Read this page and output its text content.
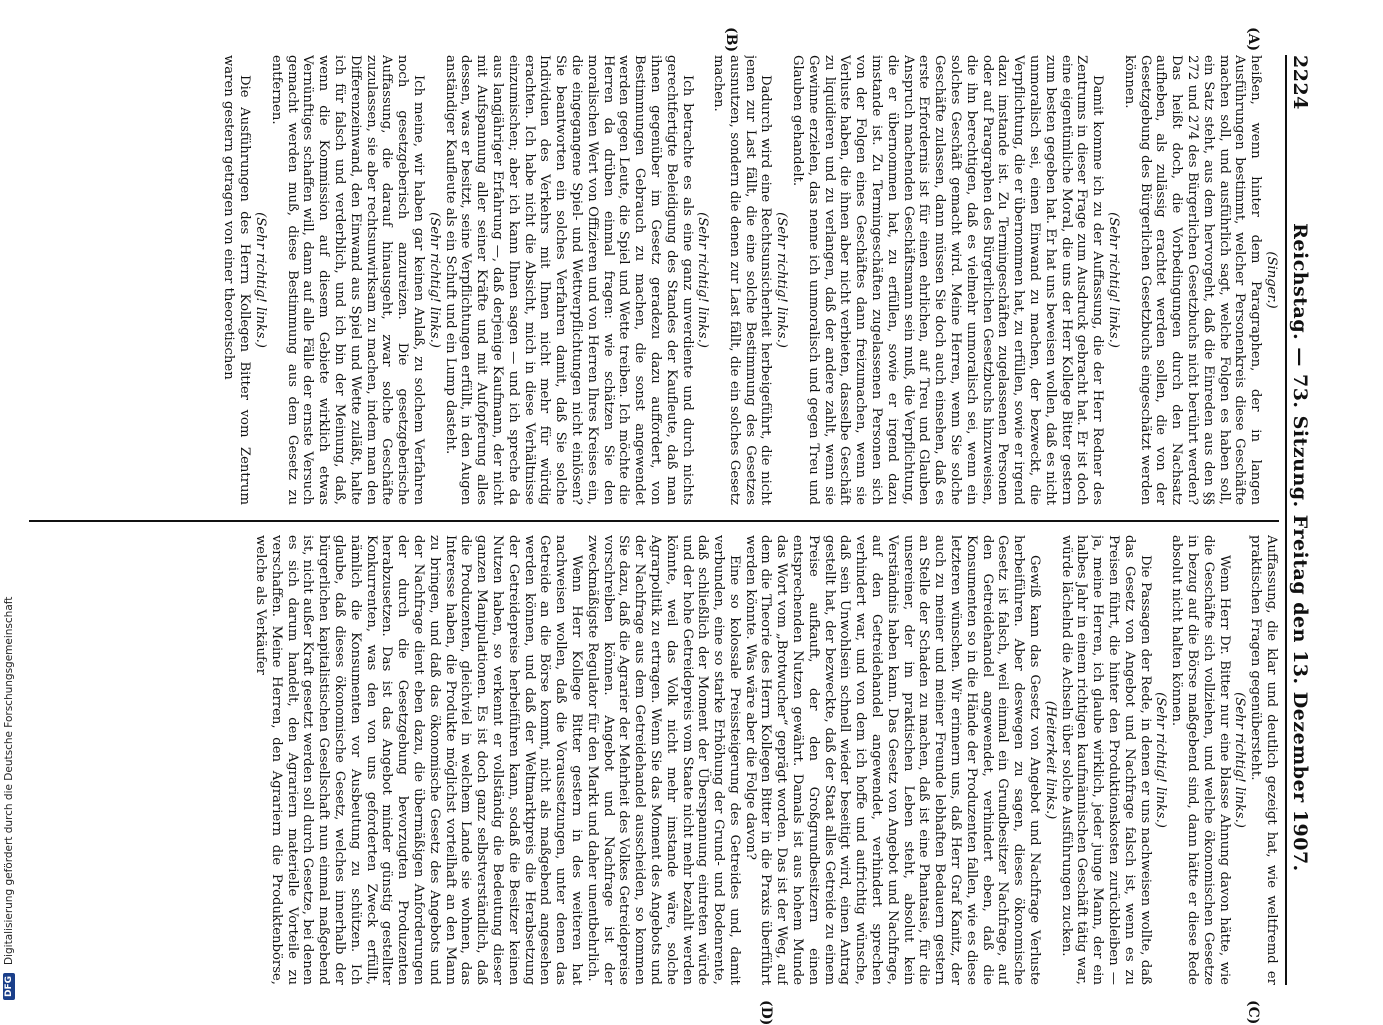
2224
Reichstag. — 73. Sitzung. Freitag den 13. Dezember 1907.
(A)
(B)
(C)
(D)

(Singer.)

heißen, wenn hinter dem Paragraphen, der in langen Ausführungen bestimmt, welcher Personenkreis diese Geschäfte machen soll, und ausführlich sagt, welche Folgen es haben soll, ein Satz steht, aus dem hervorgeht, daß die Einreden aus den §§ 272 und 274 des Bürgerlichen Gesetzbuchs nicht berührt werden? Das heißt doch, die Vorbedingungen durch den Nachsatz aufheben, als zulässig erachtet werden sollen, die von der Gesetzgebung des Bürgerlichen Gesetzbuchs eingeschätzt werden können.

(Sehr richtig! links.)

Damit komme ich zu der Auffassung, die der Herr Redner des Zentrums in dieser Frage zum Ausdruck gebracht hat. Er ist doch eine eigentümliche Moral, die uns der Herr Kollege Bitter gestern zum besten gegeben hat. Er hat uns beweisen wollen, daß es nicht unmoralisch sei, einen Einwand zu machen, der bezweckt, die Verpflichtung, die er übernommen hat, zu erfüllen, sowie er irgend dazu imstande ist. Zu Termingeschäften zugelassenen Personen oder auf Paragraphen des Bürgerlichen Gesetzbuchs hinzuweisen, die ihn berechtigen, daß es vielmehr unmoralisch sei, wenn ein solches Geschäft gemacht wird. Meine Herren, wenn Sie solche Geschäfte zulassen, dann müssen Sie doch auch einsehen, daß es erste Erfordernis ist für einen ehrlichen, auf Treu und Glauben Anspruch machenden Geschäftsmann sein muß, die Verpflichtung, die er übernommen hat, zu erfüllen, sowie er irgend dazu imstande ist. Zu Termingeschäften zugelassenen Personen sich von der Folgen eines Geschäftes dann freizumachen, wenn sie Verluste haben, die ihnen aber nicht verbieten, dasselbe Geschäft zu liquidieren und zu verlangen, daß der andere zahlt, wenn sie Gewinne erzielen, das nenne ich unmoralisch und gegen Treu und Glauben gehandelt.

(Sehr richtig! links.)

Dadurch wird eine Rechtsunsicherheit herbeigeführt, die nicht jenen zur Last fällt, die eine solche Bestimmung des Gesetzes ausnutzen, sondern die denen zur Last fällt, die ein solches Gesetz machen.

(Sehr richtig! links.)

Ich betrachte es als eine ganz unverdiente und durch nichts gerechtfertigte Beleidigung des Standes der Kaufleute, daß man ihnen gegenüber im Gesetz geradezu dazu auffordert, von Bestimmungen Gebrauch zu machen, die sonst angewendet werden gegen Leute, die Spiel und Wette treiben. Ich möchte die Herren da drüben einmal fragen: wie schätzen Sie den moralischen Wert von Offizieren und von Herren Ihres Kreises ein, die eingegangene Spiel- und Wettverpflichtungen nicht einlösen? Sie beantworten ein solches Verfahren damit, daß Sie solche Individuen des Verkehrs mit Ihnen nicht mehr für würdig erachten. Ich habe nicht die Absicht, mich in diese Verhältnisse einzumischen; aber ich kann Ihnen sagen — und ich spreche da aus langjähriger Erfahrung —, daß derjenige Kaufmann, der nicht mit Aufspannung aller seiner Kräfte und mit Aufopferung alles dessen, was er besitzt, seine Verpflichtungen erfüllt, in den Augen anständiger Kaufleute als ein Schuft und ein Lump dasteht.

(Sehr richtig! links.)

Ich meine, wir haben gar keinen Anlaß, zu solchem Verfahren noch gesetzgeberisch anzureizen. Die gesetzgeberische Auffassung, die darauf hinausgeht, zwar solche Geschäfte zuzulassen, sie aber rechtsunwirksam zu machen, indem man den Differenzeinwand, den Einwand aus Spiel und Wette zuläßt, halte ich für falsch und verderblich, und ich bin der Meinung, daß, wenn die Kommission auf diesem Gebiete wirklich etwas Vernünftiges schaffen will, dann auf alle Fälle der ernste Versuch gemacht werden muß, diese Bestimmung aus dem Gesetz zu entfernen.

(Sehr richtig! links.)

Die Ausführungen des Herrn Kollegen Bitter vom Zentrum waren gestern getragen von einer theoretischen

Auffassung, die klar und deutlich gezeigt hat, wie weltfremd er praktischen Fragen gegenübersteht.

(Sehr richtig! links.)

Wenn Herr Dr. Bitter nur eine blasse Ahnung davon hätte, wie die Geschäfte sich vollziehen, und welche ökonomischen Gesetze in bezug auf die Börse maßgebend sind, dann hätte er diese Rede absolut nicht halten können.

(Sehr richtig! links.)

Die Passagen der Rede, in denen er uns nachweisen wollte, daß das Gesetz von Angebot und Nachfrage falsch ist, wenn es zu Preisen führt, die hinter den Produktionskosten zurückbleiben — ja, meine Herren, ich glaube wirklich, jeder junge Mann, der ein halbes Jahr in einem richtigen kaufmännischen Geschäft tätig war, würde lächelnd die Achseln über solche Ausführungen zucken.

(Heiterkeit links.)

Gewiß kann das Gesetz von Angebot und Nachfrage Verluste herbeiführen. Aber deswegen zu sagen, dieses ökonomische Gesetz ist falsch, weil einmal ein Grundbesitzer Nachfrage, auf den Getreidehandel angewendet, verhindert eben, daß die Konsumenten so in die Hände der Produzenten fallen, wie es diese letzteren wünschen. Wir erinnern uns, daß Herr Graf Kanitz, der auch zu meiner und meiner Freunde lebhaften Bedauern gestern an Stelle der Schaden zu machen, daß ist eine Phantasie, für die unsereiner, der im praktischen Leben steht, absolut kein Verständnis haben kann. Das Gesetz von Angebot und Nachfrage, auf den Getreidehandel angewendet, verhindert sprechen verhindert war, und von dem ich hoffe und aufrichtig wünsche, daß sein Unwohlsein schnell wieder beseitigt wird, einen Antrag gestellt hat, der bezweckte, daß der Staat alles Getreide zu einem Preise aufkauft, der den Großgrundbesitzern einen entsprechenden Nutzen gewährt. Damals ist aus hohem Munde das Wort vom „Brotwucher“ geprägt worden. Das ist der Weg, auf dem die Theorie des Herrn Kollegen Bitter in die Praxis überführt werden könnte. Was wäre aber die Folge davon?

Eine so kolossale Preissteigerung des Getreides und, damit verbunden, eine so starke Erhöhung der Grund- und Bodenrente, daß schließlich der Moment der Überspannung eintreten würde und der hohe Getreidepreis vom Staate nicht mehr bezahlt werden könnte, weil das Volk nicht mehr imstande wäre, solche Agrarpolitik zu ertragen. Wenn Sie das Moment des Angebots und der Nachfrage aus dem Getreidehandel ausscheiden, so kommen Sie dazu, daß die Agrarier der Mehrheit des Volkes Getreidepreise vorschreiben können. Angebot und Nachfrage ist der zweckmäßigste Regulator für den Markt und daher unentbehrlich.

Wenn Herr Kollege Bitter gestern in des weiteren hat nachweisen wollen, daß die Voraussetzungen, unter denen das Getreide an die Börse kommt, nicht als maßgebend angesehen werden können, und daß der Weltmarktpreis die Herabsetzung der Getreidepreise herbeiführen kann, sodaß die Besitzer keinen Nutzen haben, so verkennt er vollständig die Bedeutung dieser ganzen Manipulationen. Es ist doch ganz selbstverständlich, daß die Produzenten, gleichviel in welchem Lande sie wohnen, das Interesse haben, die Produkte möglichst vorteilhaft an den Mann zu bringen, und daß das ökonomische Gesetz des Angebots und der Nachfrage dient eben dazu, die übermäßigen Anforderungen der durch die Gesetzgebung bevorzugten Produzenten herabzusetzen. Das ist das Angebot minder günstig gestellter Konkurrenten, was den von uns geforderten Zweck erfüllt, nämlich die Konsumenten vor Ausbeutung zu schützen. Ich glaube, daß dieses ökonomische Gesetz, welches innerhalb der bürgerlichen kapitalistischen Gesellschaft nun einmal maßgebend ist, nicht außer Kraft gesetzt werden soll durch Gesetze, bei denen es sich darum handelt, den Agrariern materielle Vorteile zu verschaffen. Meine Herren, den Agrariern die Produktenbörse, welche als Verkäufer

DFG
Digitalisierung gefördert durch die Deutsche Forschungsgemeinschaft
